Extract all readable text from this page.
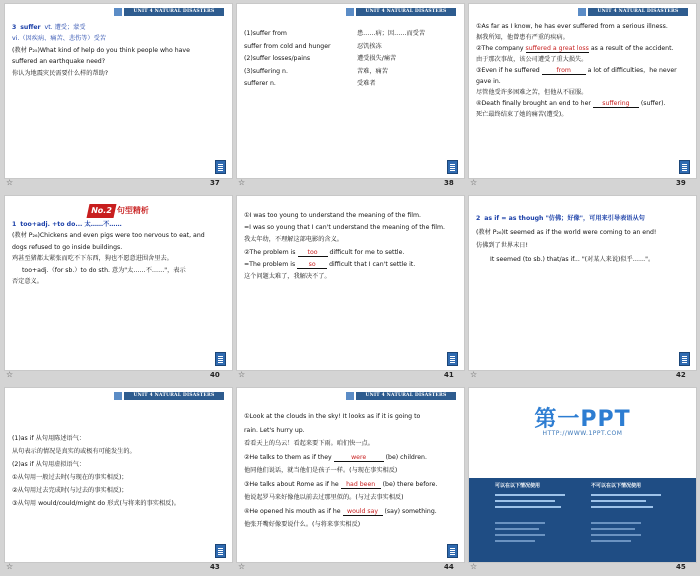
UNIT 4 NATURAL DISASTERS
3 suffer vt. 遭受；蒙受
vi.（因疾病、痛苦、悲伤等）受苦
(教材 P₂₅)What kind of help do you think people who have
suffered an earthquake need?
你认为地震灾民需要什么样的帮助?
37
☆
UNIT 4 NATURAL DISASTERS
(1)suffer from	患……病；因……而受苦
suffer from cold and hunger	忍饥挨冻
(2)suffer losses/pains	遭受损失/痛苦
(3)suffering n.	苦难，痛苦
sufferer n.	受难者
38
☆
UNIT 4 NATURAL DISASTERS
①As far as I know, he has ever suffered from a serious illness.
据我所知，他曾患有严重的疾病。
②The company suffered a great loss as a result of the accident.
由于那次事故，该公司遭受了重大损失。
③Even if he suffered	from	a lot of difficulties，he never
gave in.
尽管他受许多困难之苦，但他从不屈服。
④Death finally brought an end to her suffering (suffer).
死亡最终结束了她的痛苦(遭受)。
39
☆
No.2 句型精析
1 too+adj. +to do... 太……不……
(教材 P₂₆)Chickens and even pigs were too nervous to eat, and
dogs refused to go inside buildings.
鸡甚至猪都太紧张而吃不下东西，狗也不愿意进围舍里去。
too+adj.（for sb.）to do sth. 意为"太……不……"，表示
否定意义。
40
☆
①I was too young to understand the meaning of the film.
=I was so young that I can't understand the meaning of the film.
我太年幼，不理解这部电影的含义。
②The problem is too difficult for me to settle.
=The problem is so difficult that I can't settle it.
这个问题太难了，我解决不了。
41
☆
2 as if = as though "仿佛；好像"，可用来引导表语从句
(教材 P₂₆)It seemed as if the world were coming to an end!
仿佛到了世界末日!
It seemed (to sb.) that/as if... "(对某人来说)似乎……"。
42
☆
UNIT 4 NATURAL DISASTERS
(1)as if 从句用陈述语气：
从句表示的情况是真实的或极有可能发生的。
(2)as if 从句用虚拟语气：
①从句用一般过去时(与现在的事实相反)；
②从句用过去完成时(与过去的事实相反)；
③从句用 would/could/might do 形式(与将来的事实相反)。
43
☆
UNIT 4 NATURAL DISASTERS
①Look at the clouds in the sky! It looks as if it is going to
rain. Let's hurry up.
看看天上的乌云！看起来要下雨。咱们快一点。
②He talks to them as if they	were	(be) children.
他同他们说话，就当他们是孩子一样。(与现在事实相反)
③He talks about Rome as if he had been (be) there before.
他说起罗马来好像他以前去过那里似的。(与过去事实相反)
④He opened his mouth as if he would say (say) something.
他张开嘴好像要说什么。(与将来事实相反)
44
☆
第一PPT
HTTP://WWW.1PPT.COM
可以在以下情况使用	不可以在以下情况使用
45
☆
